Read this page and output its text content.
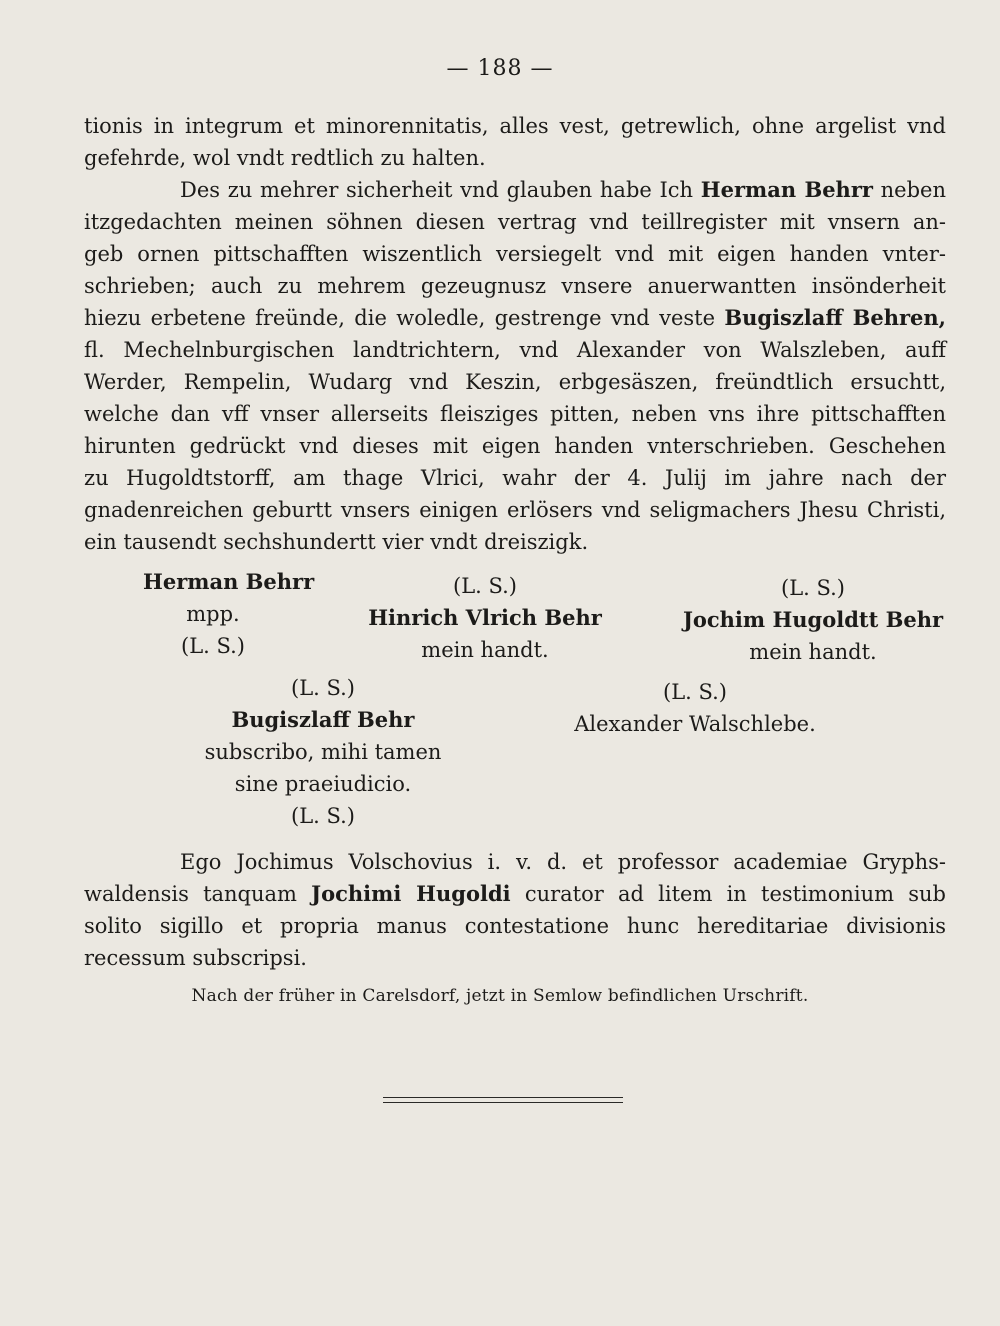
— 188 —
tionis in integrum et minorennitatis, alles vest, getrewlich, ohne argelist vnd
gefehrde, wol vndt redtlich zu halten.
Des zu mehrer sicherheit vnd glauben habe Ich Herman Behrr neben
itzgedachten meinen söhnen diesen vertrag vnd teillregister mit vnsern an-
geb ornen pittschafften wiszentlich versiegelt vnd mit eigen handen vnter-
schrieben; auch zu mehrem gezeugnusz vnsere anuerwantten insönderheit
hiezu erbetene freünde, die woledle, gestrenge vnd veste Bugiszlaff Behren,
fl. Mechelnburgischen landtrichtern, vnd Alexander von Walszleben, auff
Werder, Rempelin, Wudarg vnd Keszin, erbgesäszen, freündtlich ersuchtt,
welche dan vff vnser allerseits fleisziges pitten, neben vns ihre pittschafften
hirunten gedrückt vnd dieses mit eigen handen vnterschrieben. Geschehen
zu Hugoldtstorff, am thage Vlrici, wahr der 4. Julij im jahre nach der
gnadenreichen geburtt vnsers einigen erlösers vnd seligmachers Jhesu Christi,
ein tausendt sechshundertt vier vndt dreiszigk.
Herman Behrr
mpp.
(L. S.)
(L. S.)
Hinrich Vlrich Behr
mein handt.
(L. S.)
Jochim Hugoldtt Behr
mein handt.
(L. S.)
Bugiszlaff Behr
subscribo, mihi tamen
sine praeiudicio.
(L. S.)
(L. S.)
Alexander Walschlebe.
Ego Jochimus Volschovius i. v. d. et professor academiae Gryphs-
waldensis tanquam Jochimi Hugoldi curator ad litem in testimonium sub
solito sigillo et propria manus contestatione hunc hereditariae divisionis
recessum subscripsi.
Nach der früher in Carelsdorf, jetzt in Semlow befindlichen Urschrift.
